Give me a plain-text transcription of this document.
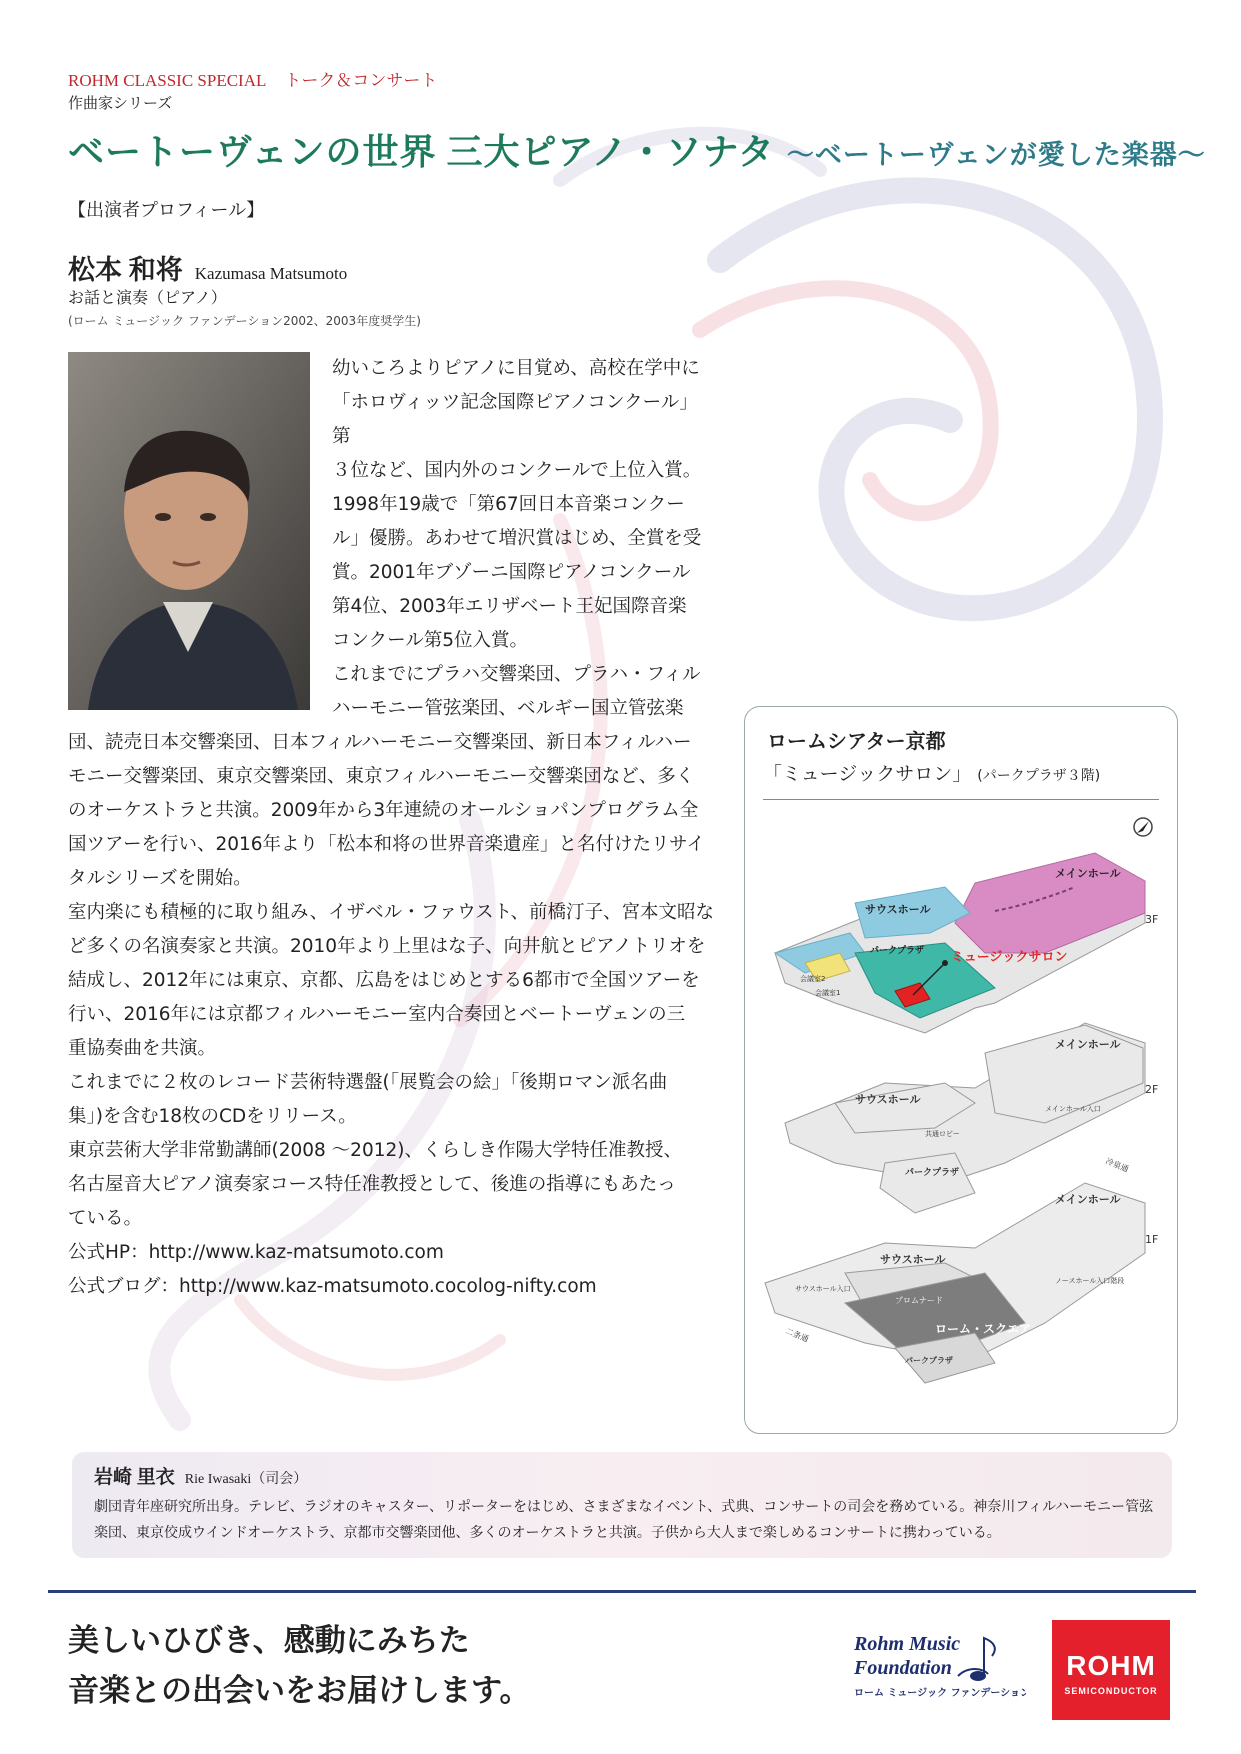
ROHM CLASSIC SPECIAL トーク＆コンサート
作曲家シリーズ
ベートーヴェンの世界 三大ピアノ・ソナタ 〜ベートーヴェンが愛した楽器〜
【出演者プロフィール】
松本 和将 Kazumasa Matsumoto
お話と演奏（ピアノ）
(ローム ミュージック ファンデーション2002、2003年度奨学生)

幼いころよりピアノに目覚め、高校在学中に

「ホロヴィッツ記念国際ピアノコンクール」第

３位など、国内外のコンクールで上位入賞。

1998年19歳で「第67回日本音楽コンクー

ル」優勝。あわせて増沢賞はじめ、全賞を受

賞。2001年ブゾーニ国際ピアノコンクール

第4位、2003年エリザベート王妃国際音楽

コンクール第5位入賞。

これまでにプラハ交響楽団、プラハ・フィル

ハーモニー管弦楽団、ベルギー国立管弦楽

団、読売日本交響楽団、日本フィルハーモニー交響楽団、新日本フィルハー

モニー交響楽団、東京交響楽団、東京フィルハーモニー交響楽団など、多く

のオーケストラと共演。2009年から3年連続のオールショパンプログラム全

国ツアーを行い、2016年より「松本和将の世界音楽遺産」と名付けたリサイ

タルシリーズを開始。

室内楽にも積極的に取り組み、イザベル・ファウスト、前橋汀子、宮本文昭な

ど多くの名演奏家と共演。2010年より上里はな子、向井航とピアノトリオを

結成し、2012年には東京、京都、広島をはじめとする6都市で全国ツアーを

行い、2016年には京都フィルハーモニー室内合奏団とベートーヴェンの三

重協奏曲を共演。

これまでに２枚のレコード芸術特選盤(「展覧会の絵」「後期ロマン派名曲

集」)を含む18枚のCDをリリース。

東京芸術大学非常勤講師(2008 〜2012)、くらしき作陽大学特任准教授、

名古屋音大ピアノ演奏家コース特任准教授として、後進の指導にもあたっ

ている。

公式HP：http://www.kaz-matsumoto.com

公式ブログ：http://www.kaz-matsumoto.cocolog-nifty.com

ロームシアター京都
「ミュージックサロン」 (パークプラザ３階)
メインホール
サウスホール
パークプラザ
会議室2
会議室1
ミュージックサロン
3F
メインホール
サウスホール
共通ロビー
メインホール入口
パークプラザ
2F
冷泉通
メインホール
サウスホール
サウスホール入口
ノースホール入口階段
プロムナード
ローム・スクエア
パークプラザ
1F
二条通
岩崎 里衣 Rie Iwasaki（司会）
劇団青年座研究所出身。テレビ、ラジオのキャスター、リポーターをはじめ、さまざまなイベント、式典、コンサートの司会を務めている。神奈川フィルハーモニー管弦楽団、東京佼成ウインドオーケストラ、京都市交響楽団他、多くのオーケストラと共演。子供から大人まで楽しめるコンサートに携わっている。
美しいひびき、感動にみちた
音楽との出会いをお届けします。
Rohm Music
Foundation
ローム ミュージック ファンデーション
ROHM
SEMICONDUCTOR
